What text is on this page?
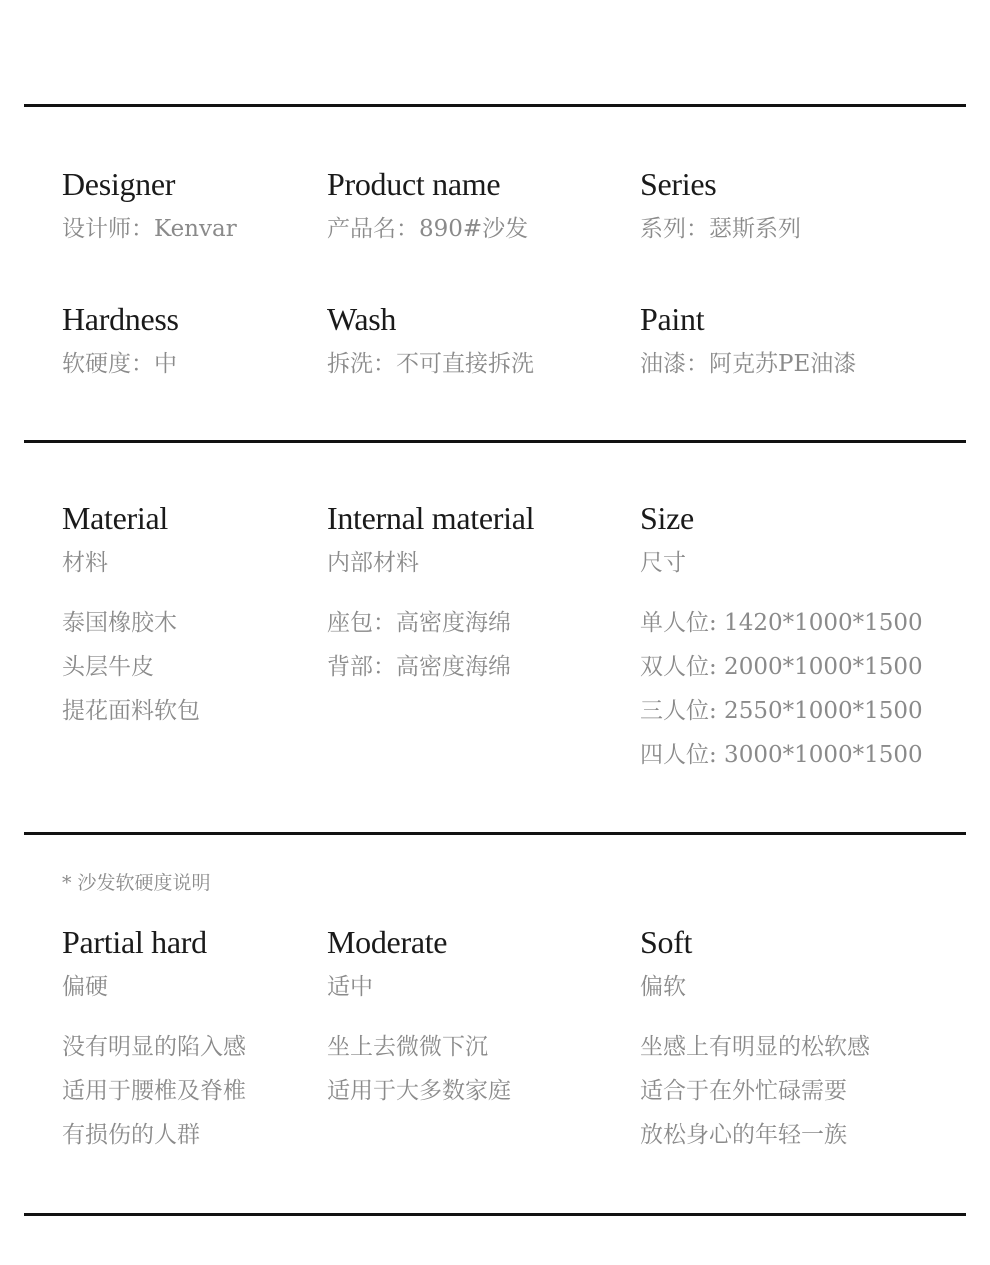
Designer
设计师：Kenvar
Product name
产品名：890#沙发
Series
系列：瑟斯系列
Hardness
软硬度：中
Wash
拆洗：不可直接拆洗
Paint
油漆：阿克苏PE油漆
Material
材料
泰国橡胶木
头层牛皮
提花面料软包
Internal material
内部材料
座包：高密度海绵
背部：高密度海绵
Size
尺寸
单人位: 1420*1000*1500
双人位: 2000*1000*1500
三人位: 2550*1000*1500
四人位: 3000*1000*1500
* 沙发软硬度说明
Partial hard
偏硬
没有明显的陷入感
适用于腰椎及脊椎
有损伤的人群
Moderate
适中
坐上去微微下沉
适用于大多数家庭
Soft
偏软
坐感上有明显的松软感
适合于在外忙碌需要
放松身心的年轻一族
